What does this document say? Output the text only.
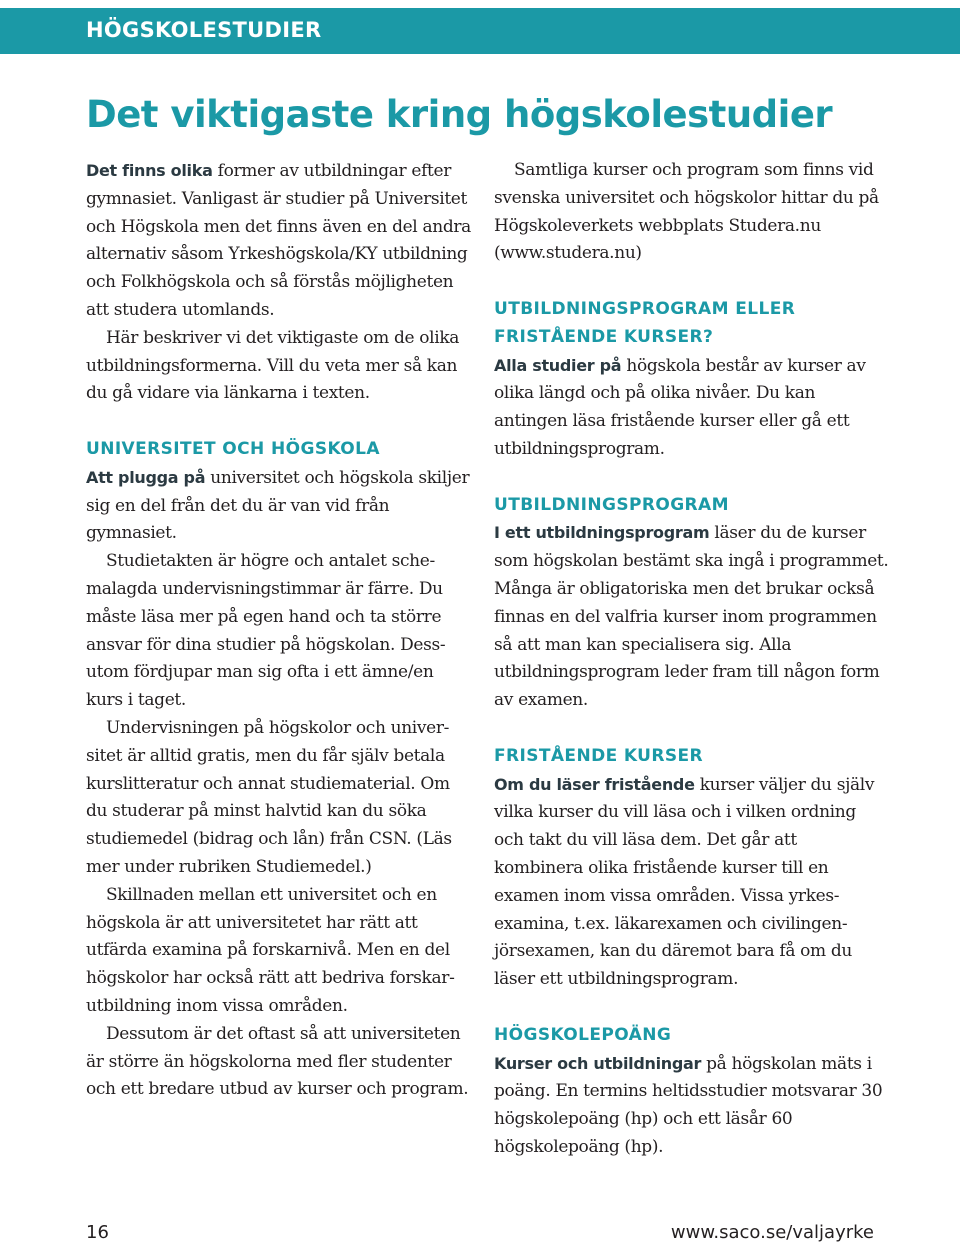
HÖGSKOLESTUDIER
Det viktigaste kring högskolestudier

Det finns olika former av utbildningar efter gymnasiet. Vanligast är studier på Universitet och Högskola men det finns även en del andra alternativ såsom Yrkeshögskola/KY utbildning och Folkhögskola och så förstås möjligheten att studera utomlands.

Här beskriver vi det viktigaste om de olika utbildningsformerna. Vill du veta mer så kan du gå vidare via länkarna i texten.

UNIVERSITET OCH HÖGSKOLA

Att plugga på universitet och högskola skiljer sig en del från det du är van vid från gymnasiet.

Studietakten är högre och antalet schemalagda undervisningstimmar är färre. Du måste läsa mer på egen hand och ta större ansvar för dina studier på högskolan. Dessutom fördjupar man sig ofta i ett ämne/en kurs i taget.

Undervisningen på högskolor och universitet är alltid gratis, men du får själv betala kurslitteratur och annat studiematerial. Om du studerar på minst halvtid kan du söka studiemedel (bidrag och lån) från CSN. (Läs mer under rubriken Studiemedel.)

Skillnaden mellan ett universitet och en högskola är att universitetet har rätt att utfärda examina på forskarnivå. Men en del högskolor har också rätt att bedriva forskarutbildning inom vissa områden.

Dessutom är det oftast så att universiteten är större än högskolorna med fler studenter och ett bredare utbud av kurser och program.

Samtliga kurser och program som finns vid svenska universitet och högskolor hittar du på Högskoleverkets webbplats Studera.nu (www.studera.nu)

UTBILDNINGSPROGRAM ELLER FRISTÅENDE KURSER?

Alla studier på högskola består av kurser av olika längd och på olika nivåer. Du kan antingen läsa fristående kurser eller gå ett utbildningsprogram.

UTBILDNINGSPROGRAM

I ett utbildningsprogram läser du de kurser som högskolan bestämt ska ingå i programmet. Många är obligatoriska men det brukar också finnas en del valfria kurser inom programmen så att man kan specialisera sig. Alla utbildningsprogram leder fram till någon form av examen.

FRISTÅENDE KURSER

Om du läser fristående kurser väljer du själv vilka kurser du vill läsa och i vilken ordning och takt du vill läsa dem. Det går att kombinera olika fristående kurser till en examen inom vissa områden. Vissa yrkesexamina, t.ex. läkarexamen och civilingenjörsexamen, kan du däremot bara få om du läser ett utbildningsprogram.

HÖGSKOLEPOÄNG

Kurser och utbildningar på högskolan mäts i poäng. En termins heltidsstudier motsvarar 30 högskolepoäng (hp) och ett läsår 60 högskolepoäng (hp).

16	www.saco.se/valjayrke
